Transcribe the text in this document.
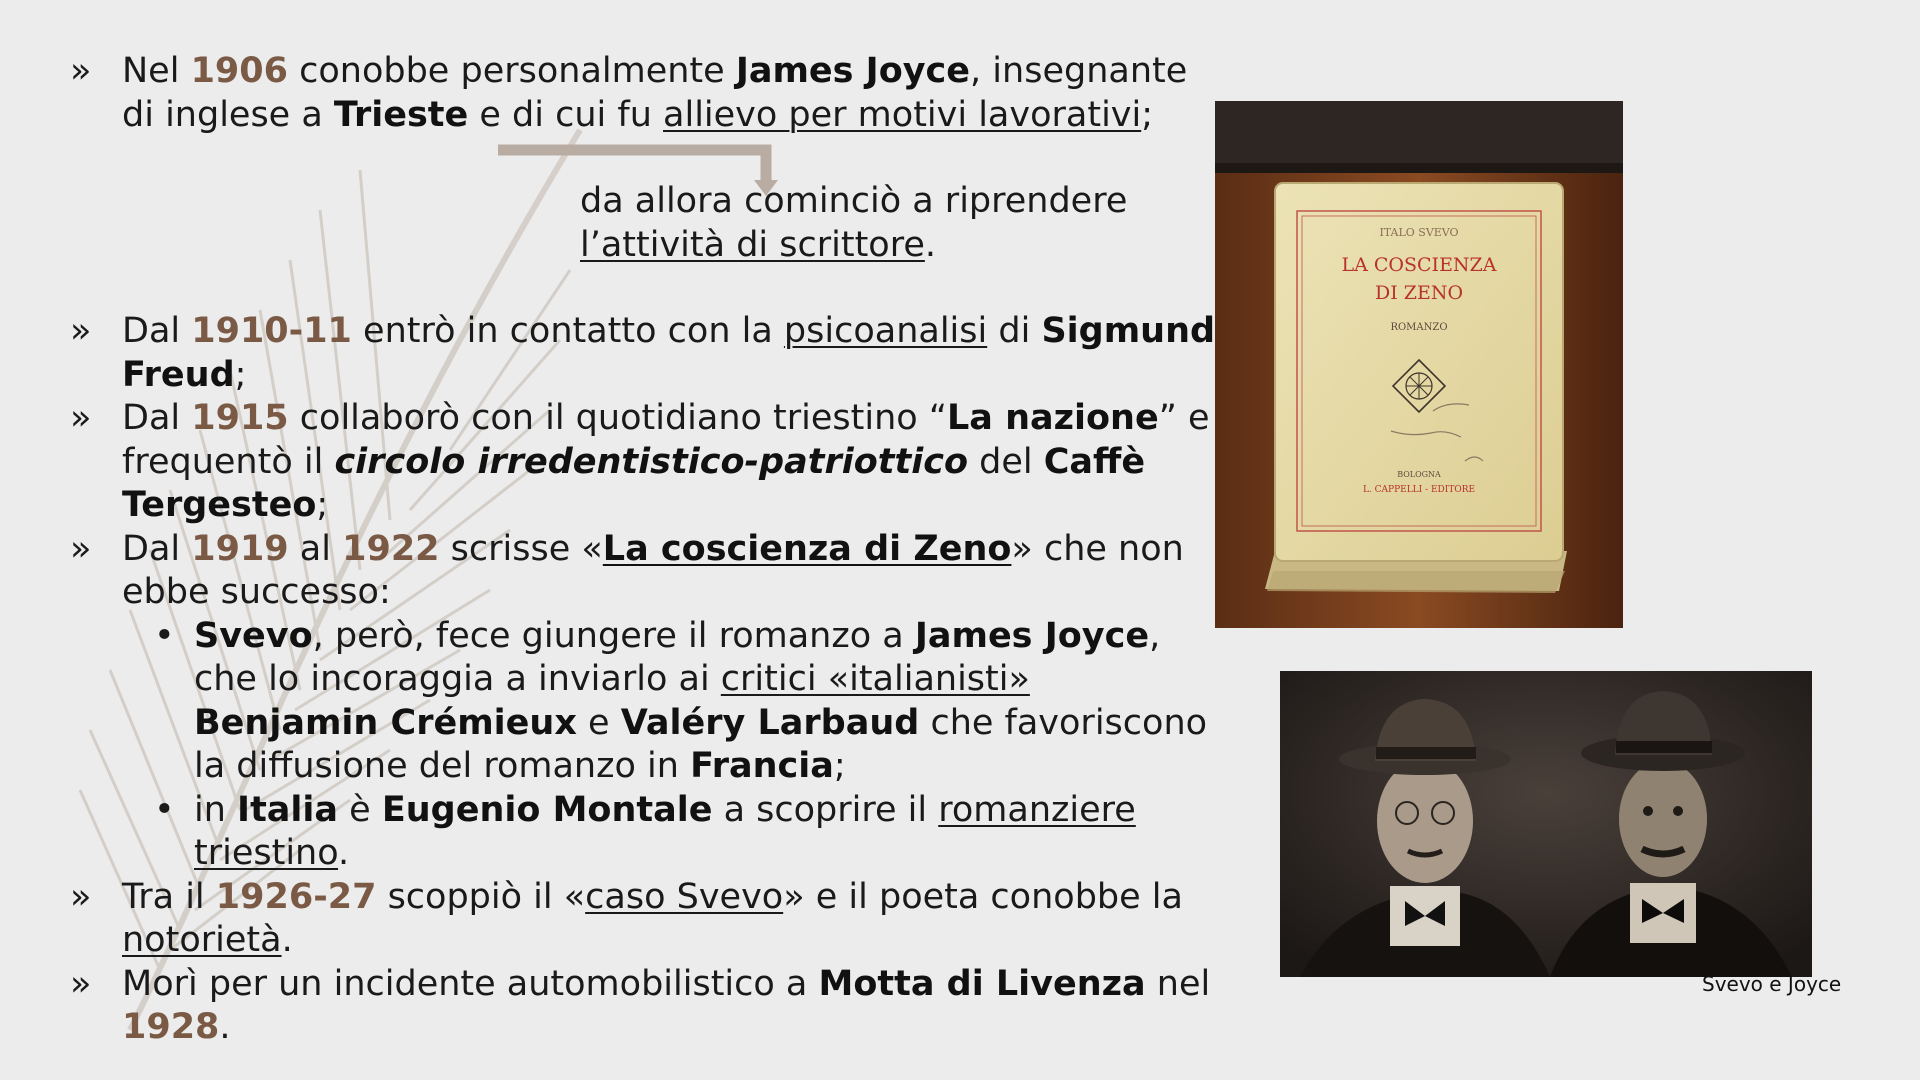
» Nel 1906 conobbe personalmente James Joyce, insegnante
di inglese a Trieste e di cui fu allievo per motivi lavorativi;
da allora cominciò a riprendere
l’attività di scrittore.
» Dal 1910-11 entrò in contatto con la psicoanalisi di Sigmund
Freud;
» Dal 1915 collaborò con il quotidiano triestino “La nazione” e
frequentò il circolo irredentistico-patriottico del Caffè
Tergesteo;
» Dal 1919 al 1922 scrisse «La coscienza di Zeno» che non
ebbe successo:
• Svevo, però, fece giungere il romanzo a James Joyce,
che lo incoraggia a inviarlo ai critici «italianisti»
Benjamin Crémieux e Valéry Larbaud che favoriscono
la diffusione del romanzo in Francia;
• in Italia è Eugenio Montale a scoprire il romanziere
triestino.
» Tra il 1926-27 scoppiò il «caso Svevo» e il poeta conobbe la
notorietà.
» Morì per un incidente automobilistico a Motta di Livenza nel
1928.
ITALO SVEVO
LA COSCIENZA
DI ZENO
ROMANZO
BOLOGNA
L. CAPPELLI - EDITORE
Svevo e Joyce
